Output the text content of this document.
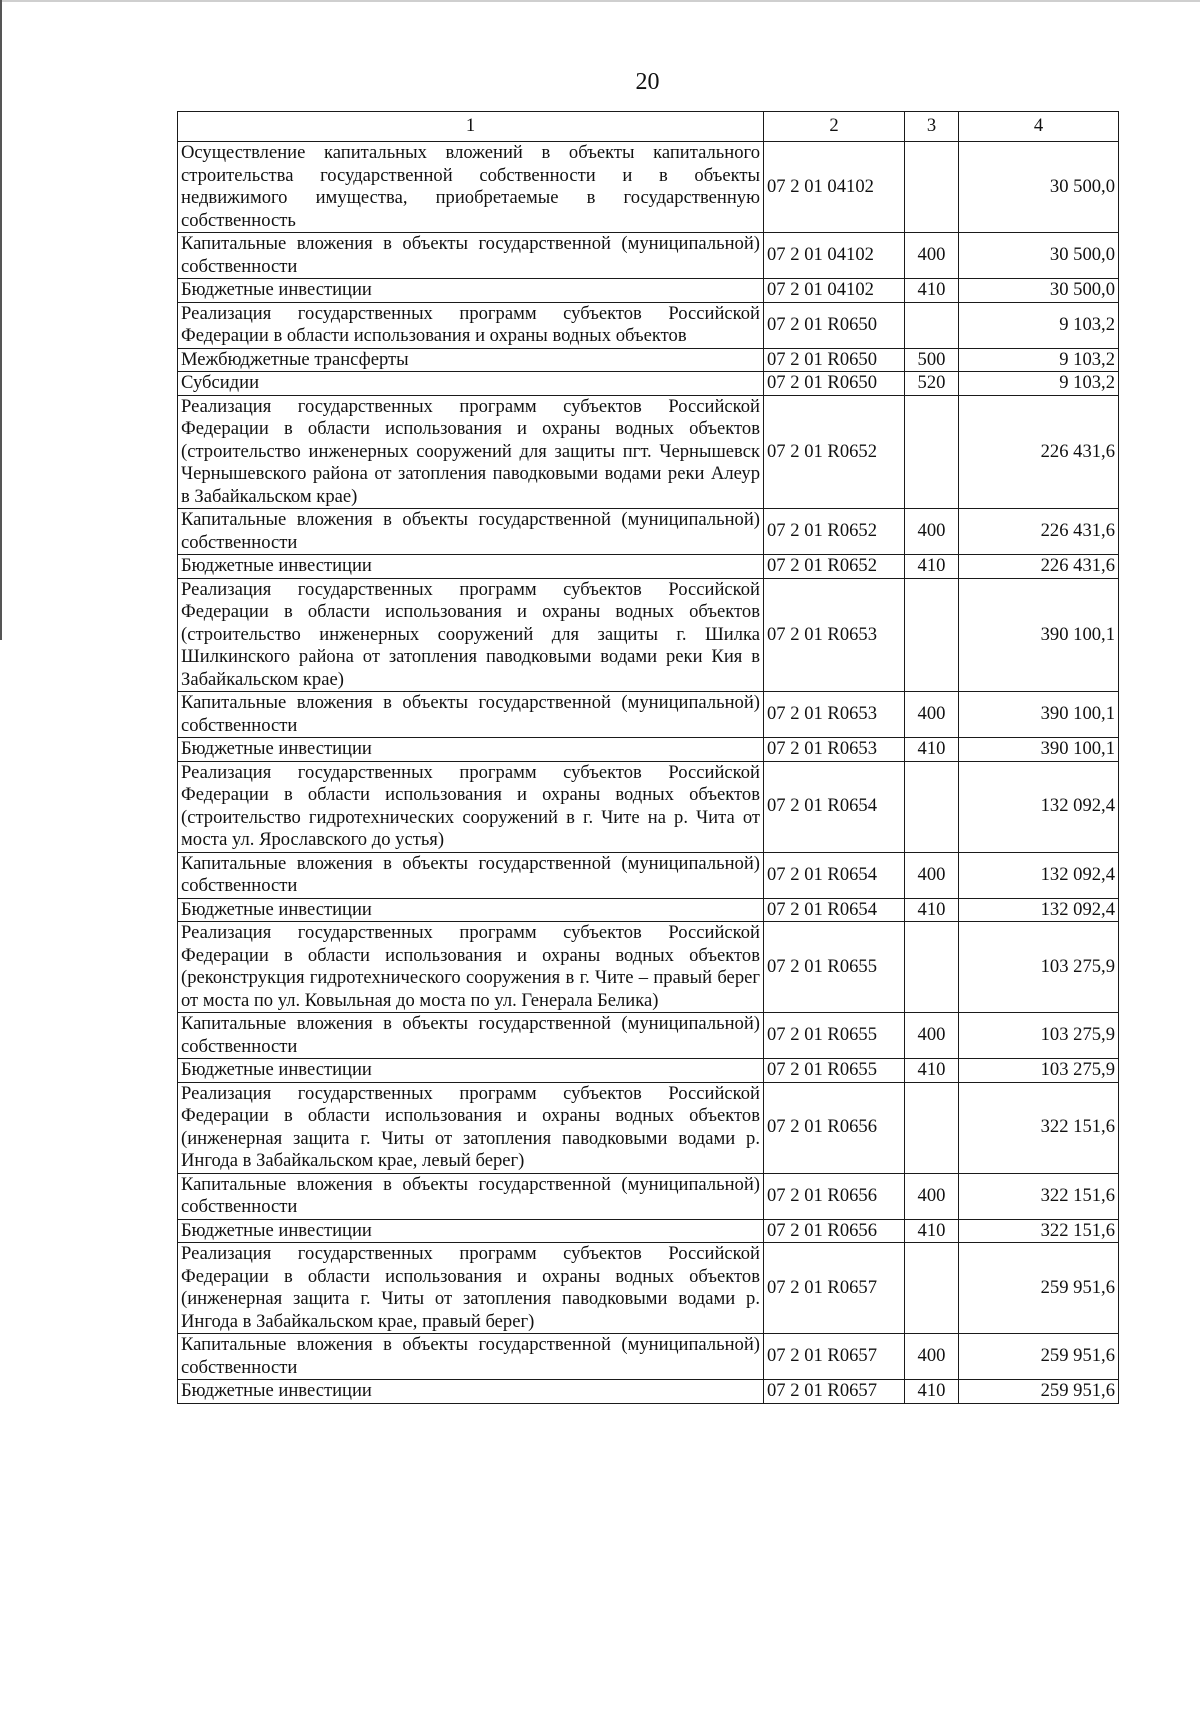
20
1	2	3	4
Осуществление капитальных вложений в объекты капитального строительства государственной собственности и в объекты недвижимого имущества, приобретаемые в государственную собственность	07 2 01 04102		30 500,0
Капитальные вложения в объекты государственной (муниципальной) собственности	07 2 01 04102	400	30 500,0
Бюджетные инвестиции	07 2 01 04102	410	30 500,0
Реализация государственных программ субъектов Российской Федерации в области использования и охраны водных объектов	07 2 01 R0650		9 103,2
Межбюджетные трансферты	07 2 01 R0650	500	9 103,2
Субсидии	07 2 01 R0650	520	9 103,2
Реализация государственных программ субъектов Российской Федерации в области использования и охраны водных объектов (строительство инженерных сооружений для защиты пгт. Чернышевск Чернышевского района от затопления паводковыми водами реки Алеур в Забайкальском крае)	07 2 01 R0652		226 431,6
Капитальные вложения в объекты государственной (муниципальной) собственности	07 2 01 R0652	400	226 431,6
Бюджетные инвестиции	07 2 01 R0652	410	226 431,6
Реализация государственных программ субъектов Российской Федерации в области использования и охраны водных объектов (строительство инженерных сооружений для защиты г. Шилка Шилкинского района от затопления паводковыми водами реки Кия в Забайкальском крае)	07 2 01 R0653		390 100,1
Капитальные вложения в объекты государственной (муниципальной) собственности	07 2 01 R0653	400	390 100,1
Бюджетные инвестиции	07 2 01 R0653	410	390 100,1
Реализация государственных программ субъектов Российской Федерации в области использования и охраны водных объектов (строительство гидротехнических сооружений в г. Чите на р. Чита от моста ул. Ярославского до устья)	07 2 01 R0654		132 092,4
Капитальные вложения в объекты государственной (муниципальной) собственности	07 2 01 R0654	400	132 092,4
Бюджетные инвестиции	07 2 01 R0654	410	132 092,4
Реализация государственных программ субъектов Российской Федерации в области использования и охраны водных объектов (реконструкция гидротехнического сооружения в г. Чите – правый берег от моста по ул. Ковыльная до моста по ул. Генерала Белика)	07 2 01 R0655		103 275,9
Капитальные вложения в объекты государственной (муниципальной) собственности	07 2 01 R0655	400	103 275,9
Бюджетные инвестиции	07 2 01 R0655	410	103 275,9
Реализация государственных программ субъектов Российской Федерации в области использования и охраны водных объектов (инженерная защита г. Читы от затопления паводковыми водами р. Ингода в Забайкальском крае, левый берег)	07 2 01 R0656		322 151,6
Капитальные вложения в объекты государственной (муниципальной) собственности	07 2 01 R0656	400	322 151,6
Бюджетные инвестиции	07 2 01 R0656	410	322 151,6
Реализация государственных программ субъектов Российской Федерации в области использования и охраны водных объектов (инженерная защита г. Читы от затопления паводковыми водами р. Ингода в Забайкальском крае, правый берег)	07 2 01 R0657		259 951,6
Капитальные вложения в объекты государственной (муниципальной) собственности	07 2 01 R0657	400	259 951,6
Бюджетные инвестиции	07 2 01 R0657	410	259 951,6
